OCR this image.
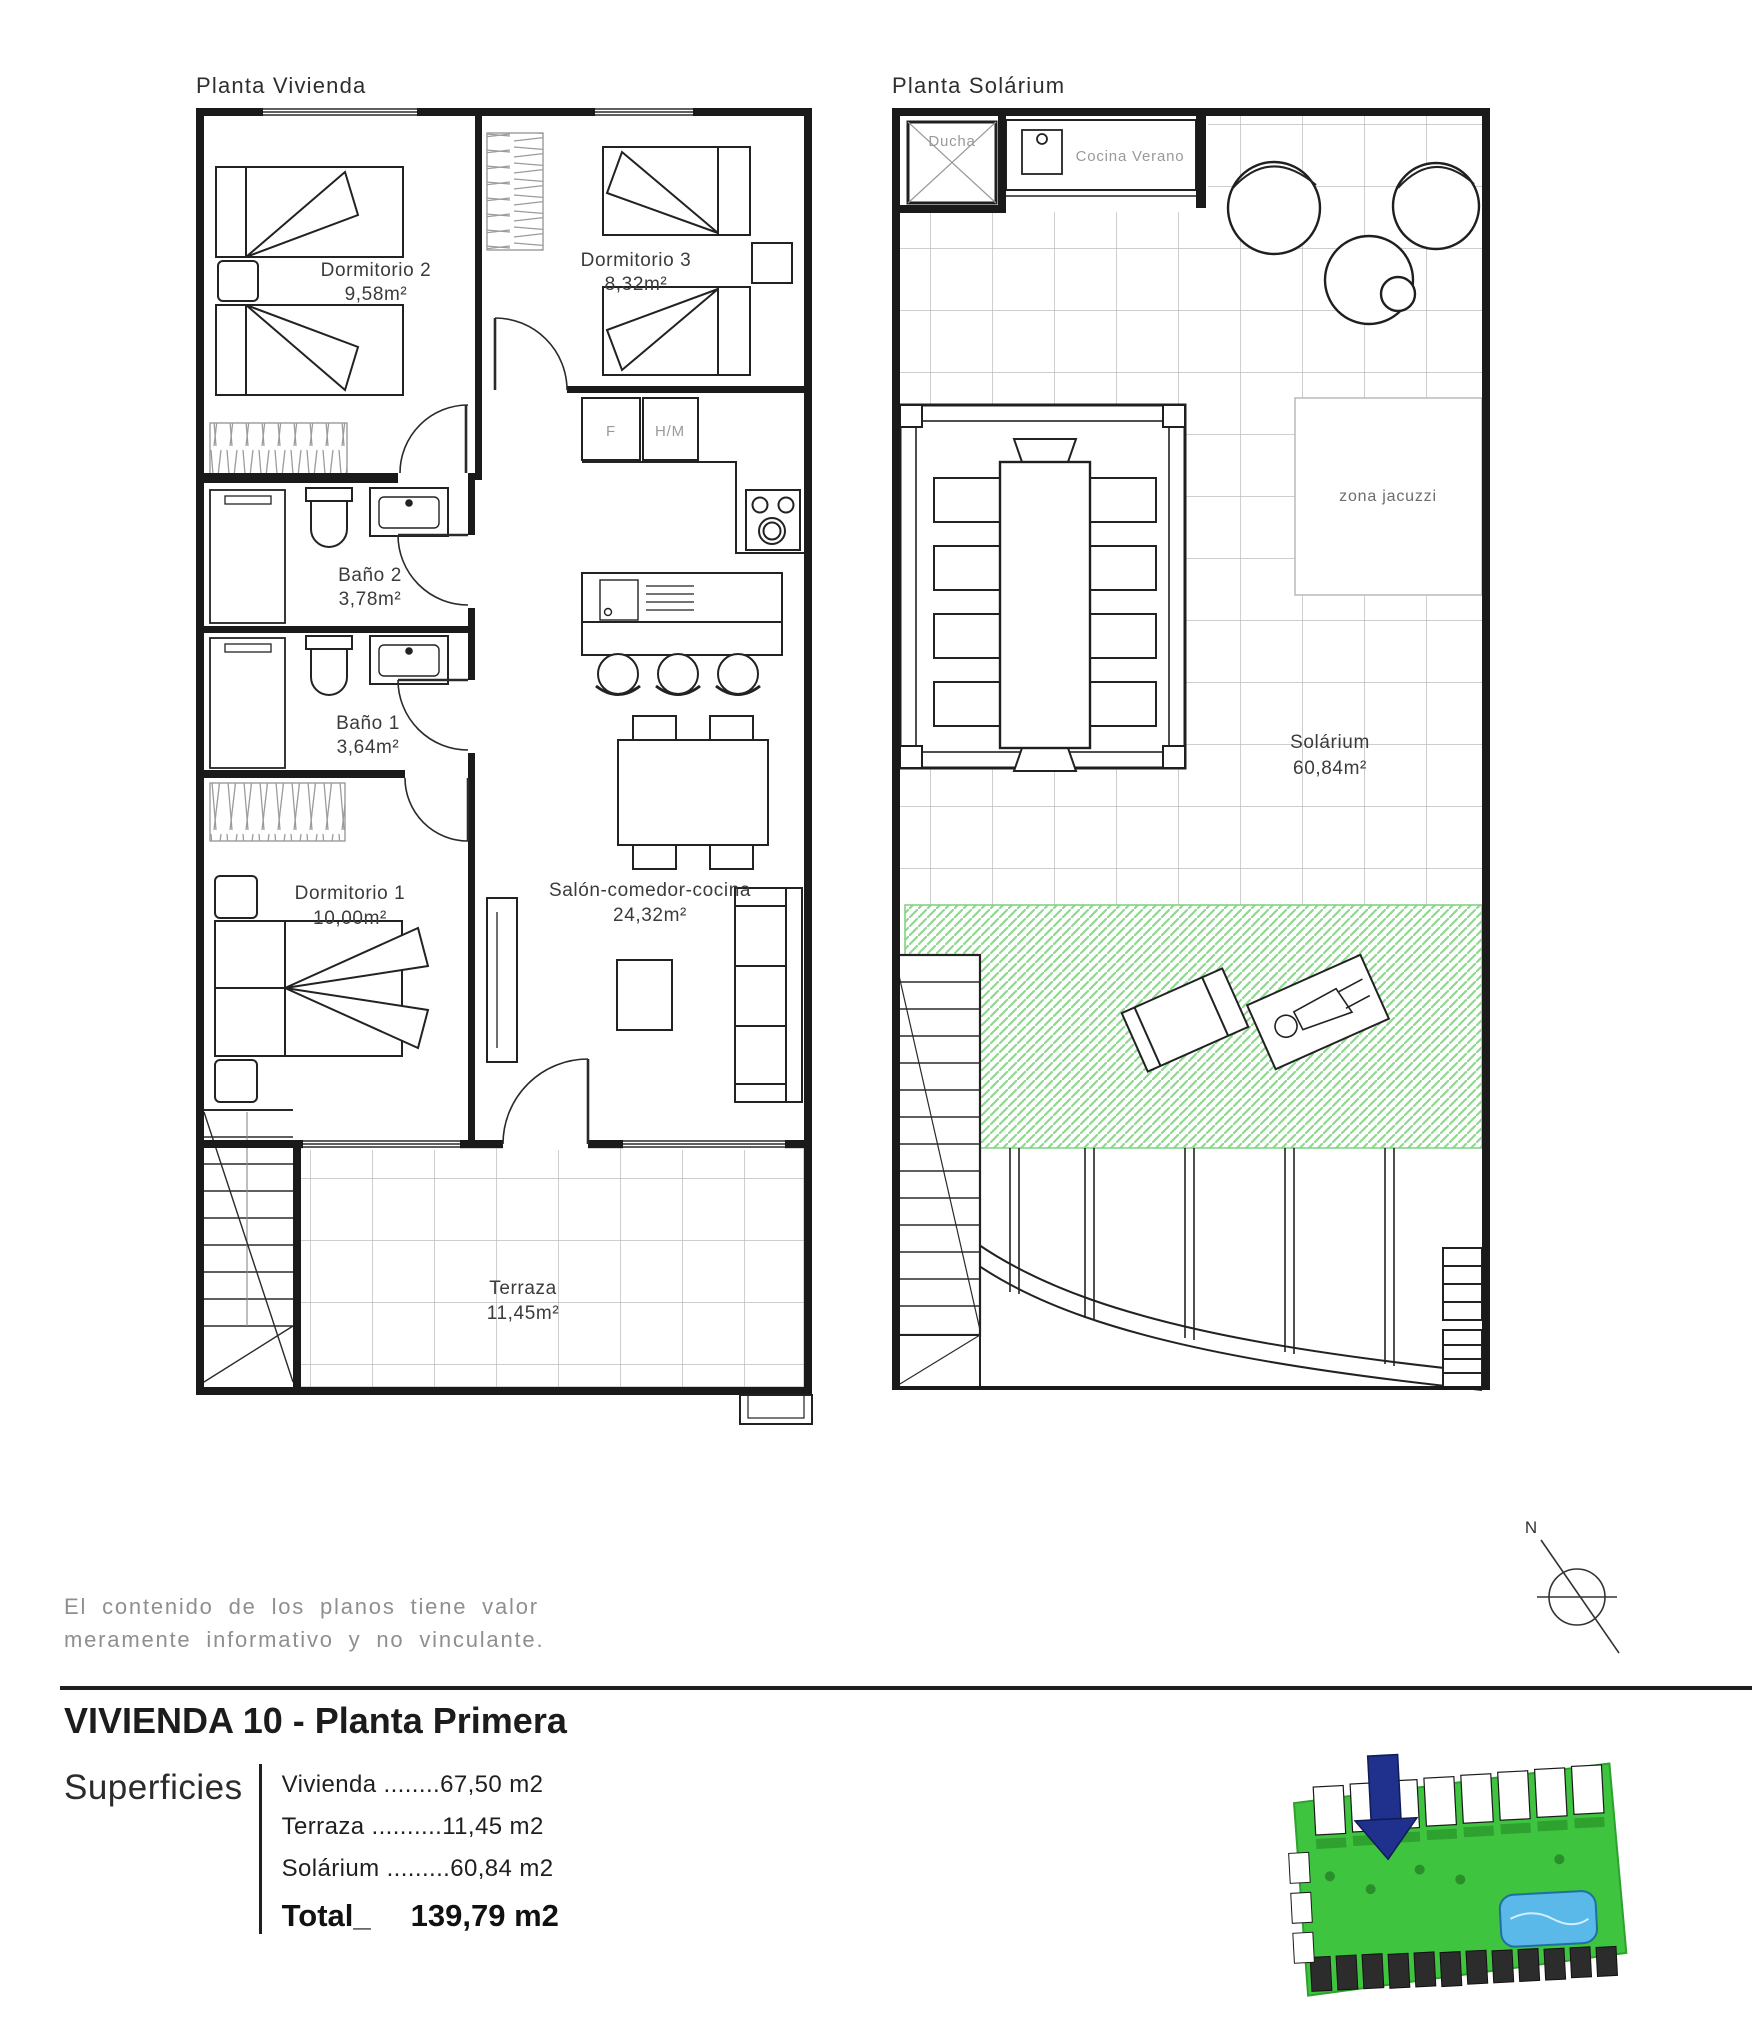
Planta Vivienda
Dormitorio 2
9,58m²
Dormitorio 3
8,32m²
Baño 2
3,78m²
Baño 1
3,64m²
Dormitorio 1
10,00m²
Salón-comedor-cocina
24,32m²
Terraza
11,45m²
F	H/M
Planta Solárium
Ducha
Cocina Verano
zona jacuzzi
Solárium
60,84m²
N
El contenido de los planos tiene valor
meramente informativo y no vinculante.
VIVIENDA 10 - Planta Primera
Superficies Vivienda ........67,50 m2
Terraza ..........11,45 m2
Solárium .........60,84 m2
Total_ 139,79 m2
